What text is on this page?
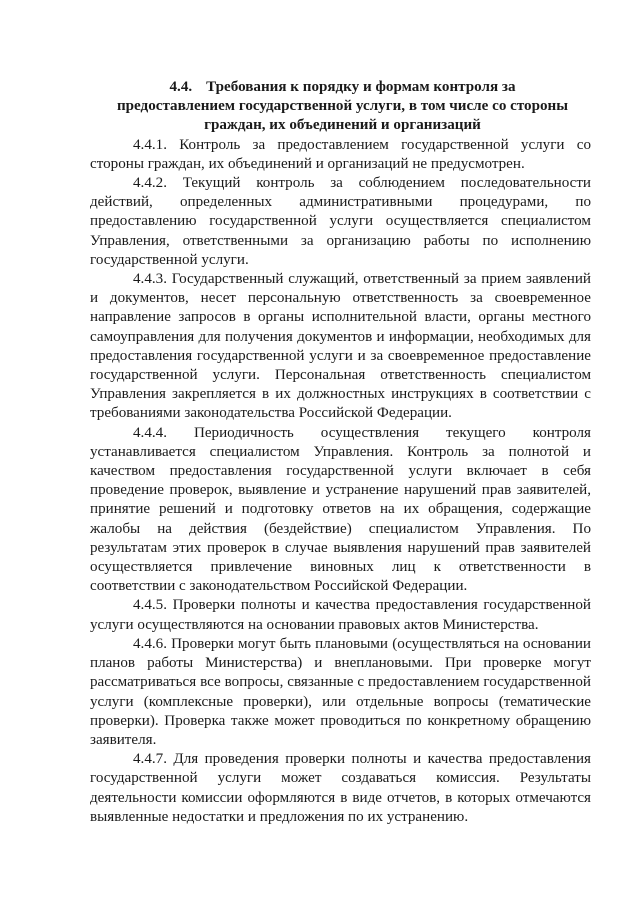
4.4. Требования к порядку и формам контроля за
предоставлением государственной услуги, в том числе со стороны
граждан, их объединений и организаций

4.4.1. Контроль за предоставлением государственной услуги со стороны граждан, их объединений и организаций не предусмотрен.

4.4.2. Текущий контроль за соблюдением последовательности действий, определенных административными процедурами, по предоставлению государственной услуги осуществляется специалистом Управления, ответственными за организацию работы по исполнению государственной услуги.

4.4.3. Государственный служащий, ответственный за прием заявлений и документов, несет персональную ответственность за своевременное направление запросов в органы исполнительной власти, органы местного самоуправления для получения документов и информации, необходимых для предоставления государственной услуги и за своевременное предоставление государственной услуги. Персональная ответственность специалистом Управления закрепляется в их должностных инструкциях в соответствии с требованиями законодательства Российской Федерации.

4.4.4. Периодичность осуществления текущего контроля устанавливается специалистом Управления. Контроль за полнотой и качеством предоставления государственной услуги включает в себя проведение проверок, выявление и устранение нарушений прав заявителей, принятие решений и подготовку ответов на их обращения, содержащие жалобы на действия (бездействие) специалистом Управления. По результатам этих проверок в случае выявления нарушений прав заявителей осуществляется привлечение виновных лиц к ответственности в соответствии с законодательством Российской Федерации.

4.4.5. Проверки полноты и качества предоставления государственной услуги осуществляются на основании правовых актов Министерства.

4.4.6. Проверки могут быть плановыми (осуществляться на основании планов работы Министерства) и внеплановыми. При проверке могут рассматриваться все вопросы, связанные с предоставлением государственной услуги (комплексные проверки), или отдельные вопросы (тематические проверки). Проверка также может проводиться по конкретному обращению заявителя.

4.4.7. Для проведения проверки полноты и качества предоставления государственной услуги может создаваться комиссия. Результаты деятельности комиссии оформляются в виде отчетов, в которых отмечаются выявленные недостатки и предложения по их устранению.
